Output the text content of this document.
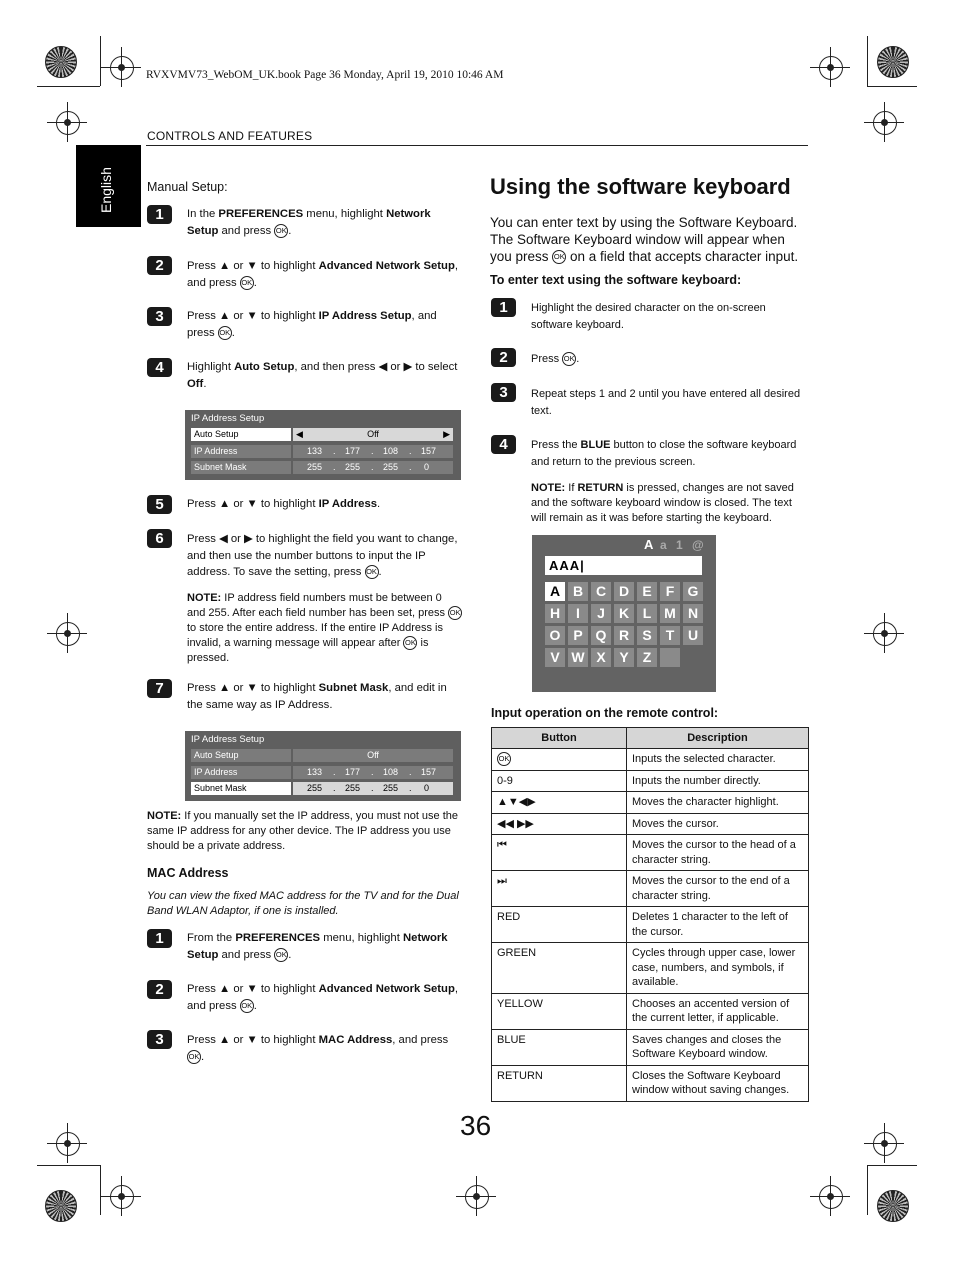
RVXVMV73_WebOM_UK.book Page 36 Monday, April 19, 2010 10:46 AM
CONTROLS AND FEATURES
English	Manual Setup:
1	In the PREFERENCES menu, highlight Network Setup and press OK .
2	Press ▲ or ▼ to highlight Advanced Network Setup, and press OK .
3	Press ▲ or ▼ to highlight IP Address Setup, and press OK .
4	Highlight Auto Setup, and then press ◀ or ▶ to select Off.
IP Address Setup
Auto Setup	◀	Off	▶
IP Address	133 . 177 . 108 . 157
Subnet Mask	255 . 255 . 255 . 0
5	Press ▲ or ▼ to highlight IP Address.
6	Press ◀ or ▶ to highlight the field you want to change, and then use the number buttons to input the IP address. To save the setting, press OK .
NOTE: IP address field numbers must be between 0 and 255. After each field number has been set, press OK to store the entire address. If the entire IP Address is invalid, a warning message will appear after OK is pressed.
7	Press ▲ or ▼ to highlight Subnet Mask, and edit in the same way as IP Address.
IP Address Setup
Auto Setup	Off
IP Address	133 . 177 . 108 . 157
Subnet Mask	255 . 255 . 255 . 0
NOTE: If you manually set the IP address, you must not use the same IP address for any other device. The IP address you use should be a private address.
MAC Address
You can view the fixed MAC address for the TV and for the Dual Band WLAN Adaptor, if one is installed.
1	From the PREFERENCES menu, highlight Network Setup and press OK .
2	Press ▲ or ▼ to highlight Advanced Network Setup, and press OK .
3	Press ▲ or ▼ to highlight MAC Address, and press OK .
Using the software keyboard
You can enter text by using the Software Keyboard. The Software Keyboard window will appear when you press OK on a field that accepts character input.
To enter text using the software keyboard:
1	Highlight the desired character on the on-screen software keyboard.
2	Press OK .
3	Repeat steps 1 and 2 until you have entered all desired text.
4	Press the BLUE button to close the software keyboard and return to the previous screen.
NOTE: If RETURN is pressed, changes are not saved and the software keyboard window is closed. The text will remain as it was before starting the keyboard.
A a 1 @
AAA|
A B C D E	F G
H	I	J	K L M N
O P Q R S	T U
V W X Y	Z
Input operation on the remote control:
Button	Description
OK	Inputs the selected character.
0-9	Inputs the number directly.
▲▼◀▶	Moves the character highlight.
◀◀ ▶▶	Moves the cursor.
⏮	Moves the cursor to the head of a character string.
⏭	Moves the cursor to the end of a character string.
RED	Deletes 1 character to the left of the cursor.
GREEN	Cycles through upper case, lower case, numbers, and symbols, if available.
YELLOW	Chooses an accented version of the current letter, if applicable.
BLUE	Saves changes and closes the Software Keyboard window.
RETURN	Closes the Software Keyboard window without saving changes.
36
